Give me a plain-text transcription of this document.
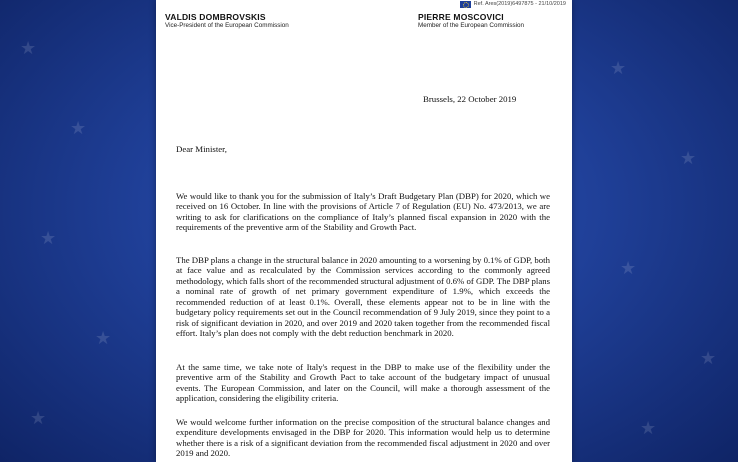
★
★
★
★
★
★
★
★
★
★
Ref. Ares(2019)6497875 - 21/10/2019
VALDIS DOMBROVSKIS
Vice-President of the European Commission
PIERRE MOSCOVICI
Member of the European Commission
Brussels, 22 October 2019
Dear Minister,

We would like to thank you for the submission of Italy’s Draft Budgetary Plan (DBP) for 2020, which we received on 16 October. In line with the provisions of Article 7 of Regulation (EU) No. 473/2013, we are writing to ask for clarifications on the compliance of Italy’s planned fiscal expansion in 2020 with the requirements of the preventive arm of the Stability and Growth Pact.

The DBP plans a change in the structural balance in 2020 amounting to a worsening by 0.1% of GDP, both at face value and as recalculated by the Commission services according to the commonly agreed methodology, which falls short of the recommended structural adjustment of 0.6% of GDP. The DBP plans a nominal rate of growth of net primary government expenditure of 1.9%, which exceeds the recommended reduction of at least 0.1%. Overall, these elements appear not to be in line with the budgetary policy requirements set out in the Council recommendation of 9 July 2019, since they point to a risk of significant deviation in 2020, and over 2019 and 2020 taken together from the recommended fiscal effort. Italy’s plan does not comply with the debt reduction benchmark in 2020.

At the same time, we take note of Italy's request in the DBP to make use of the flexibility under the preventive arm of the Stability and Growth Pact to take account of the budgetary impact of unusual events. The European Commission, and later on the Council, will make a thorough assessment of the application, considering the eligibility criteria.

We would welcome further information on the precise composition of the structural balance changes and expenditure developments envisaged in the DBP for 2020. This information would help us to determine whether there is a risk of a significant deviation from the recommended fiscal adjustment in 2020 and over 2019 and 2020.
